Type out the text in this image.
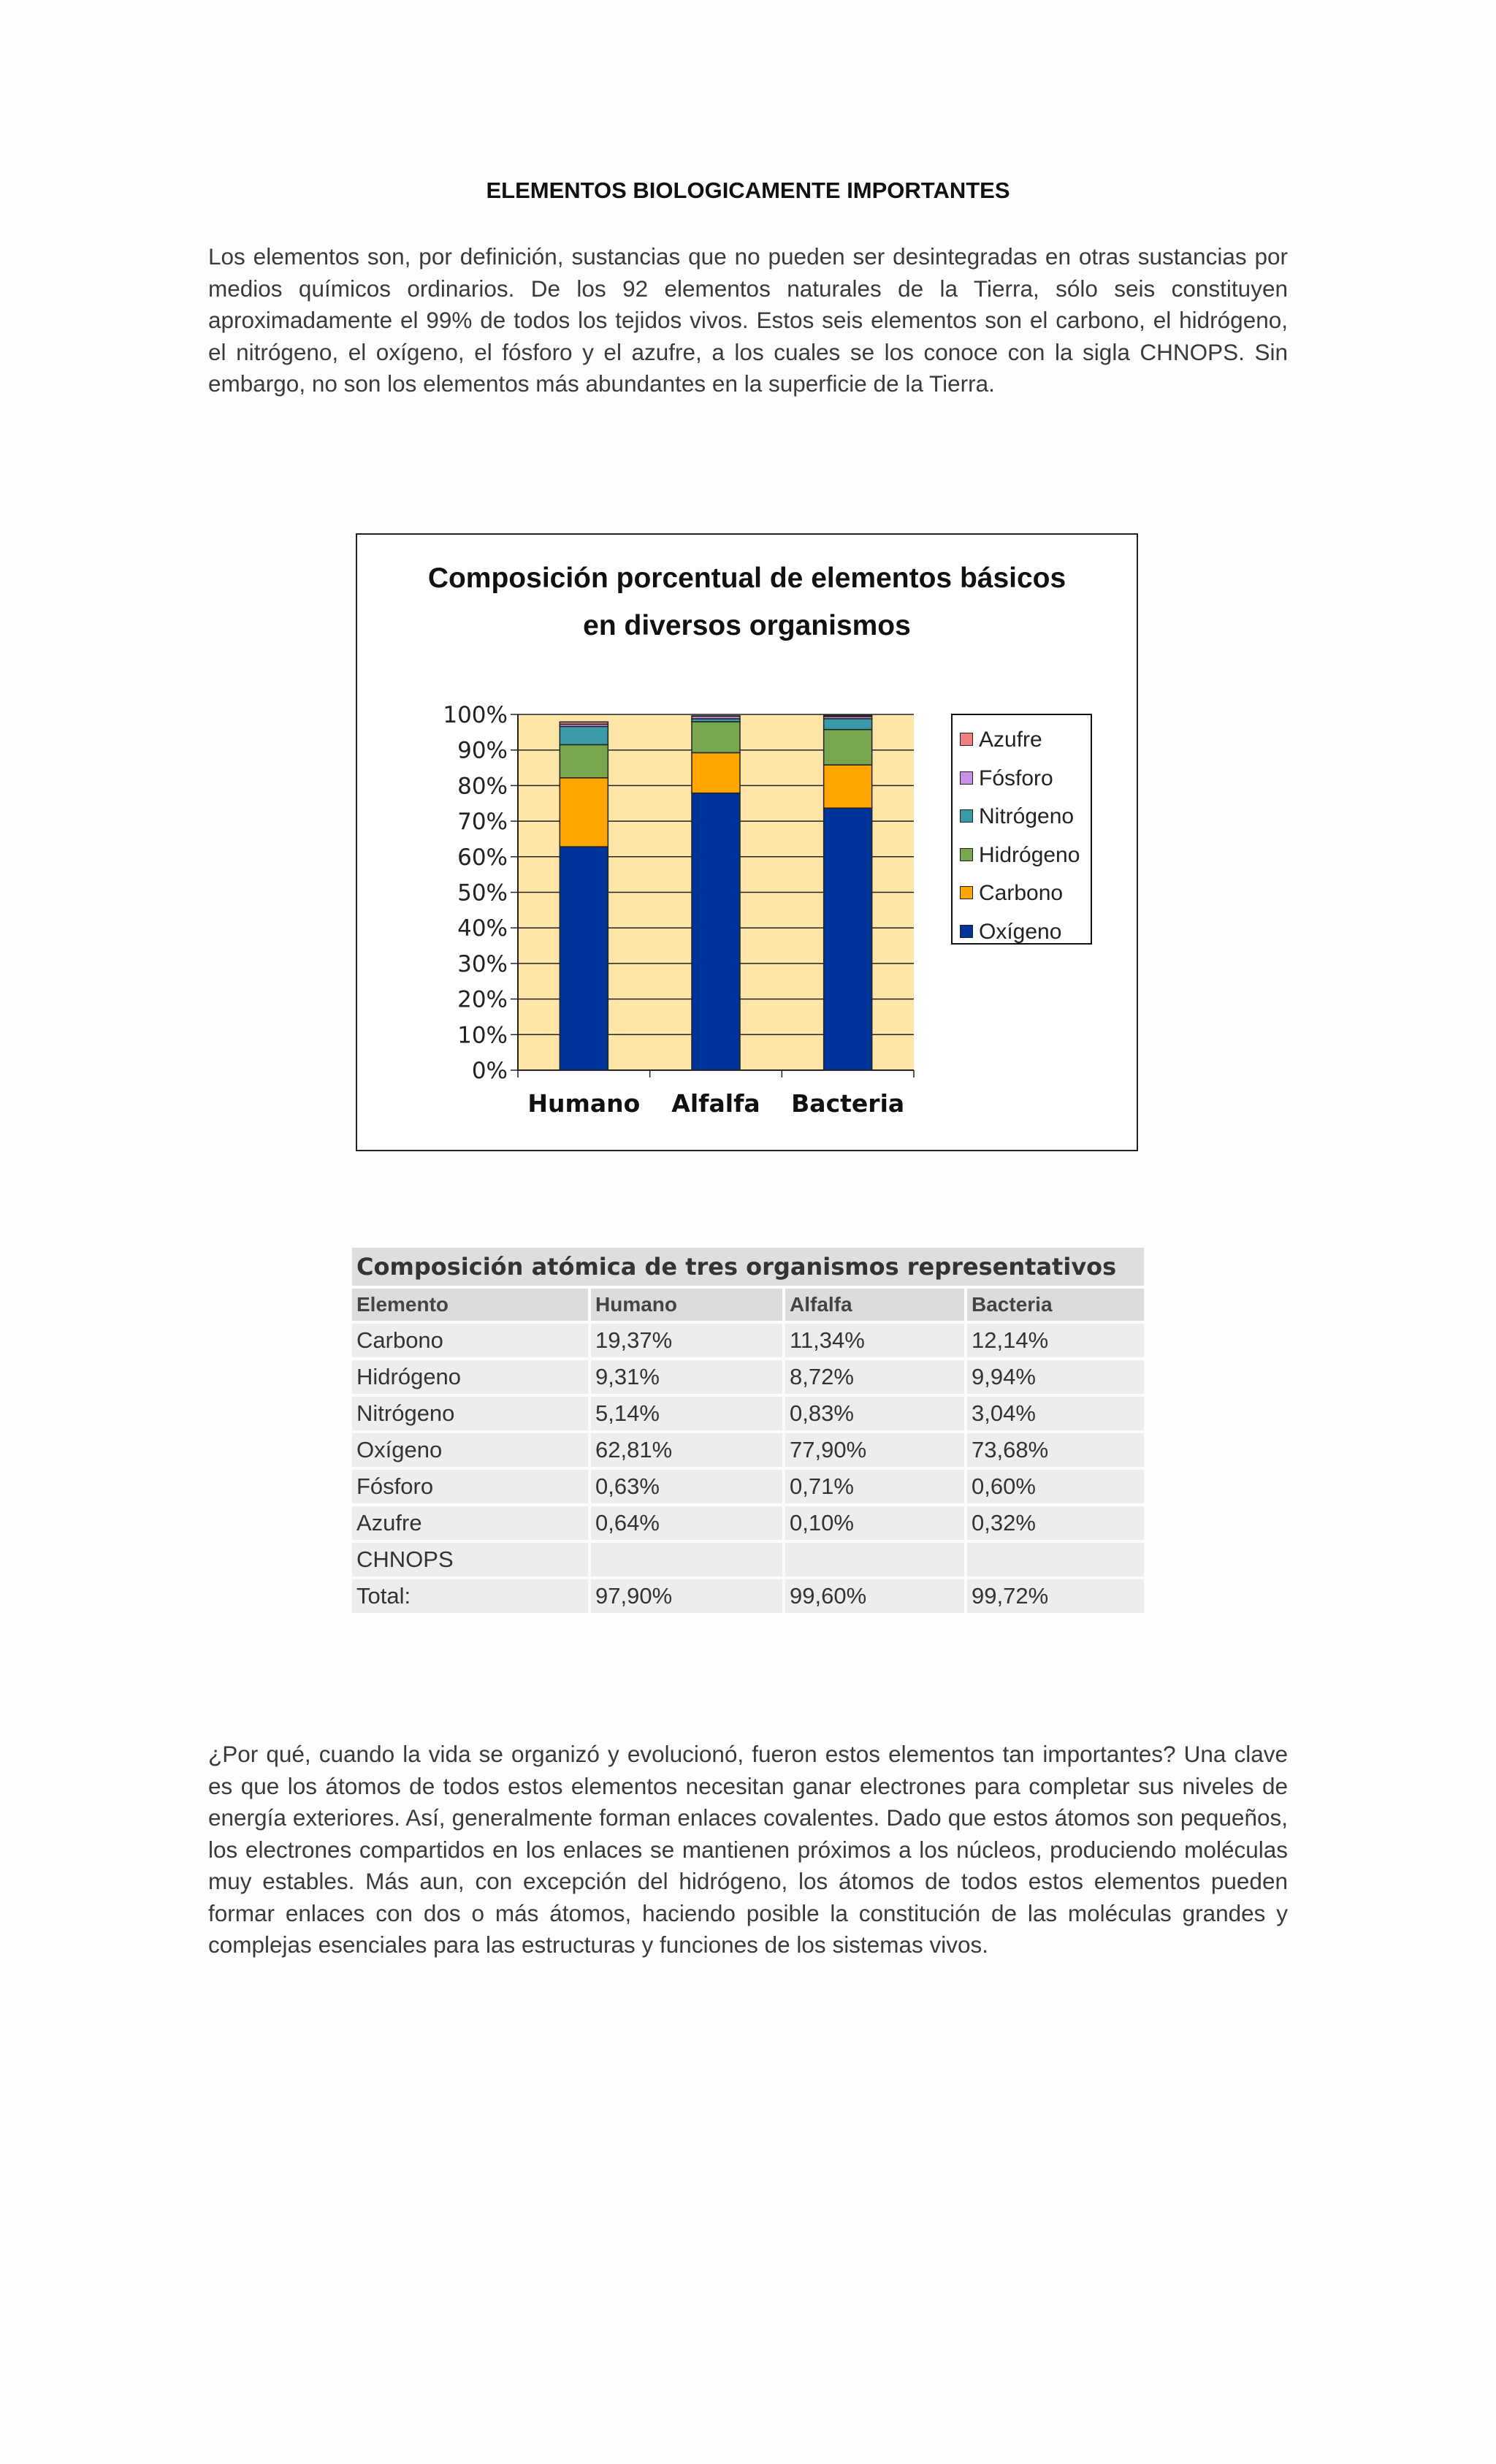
ELEMENTOS BIOLOGICAMENTE IMPORTANTES

Los elementos son, por definición, sustancias que no pueden ser desintegradas en otras sustancias por medios químicos ordinarios. De los 92 elementos naturales de la Tierra, sólo seis constituyen aproximadamente el 99% de todos los tejidos vivos. Estos seis elementos son el carbono, el hidrógeno, el nitrógeno, el oxígeno, el fósforo y el azufre, a los cuales se los conoce con la sigla CHNOPS. Sin embargo, no son los elementos más abundantes en la superficie de la Tierra.

Composición porcentual de elementos básicos
en diversos organismos
0%
10%
20%
30%
40%
50%
60%
70%
80%
90%
100%
Humano Alfalfa Bacteria
Azufre
Fósforo
Nitrógeno
Hidrógeno
Carbono
Oxígeno
Composición atómica de tres organismos representativos			
Elemento	Humano	Alfalfa	Bacteria
Carbono	19,37%	11,34%	12,14%
Hidrógeno	9,31%	8,72%	9,94%
Nitrógeno	5,14%	0,83%	3,04%
Oxígeno	62,81%	77,90%	73,68%
Fósforo	0,63%	0,71%	0,60%
Azufre	0,64%	0,10%	0,32%
CHNOPS			
Total:	97,90%	99,60%	99,72%

¿Por qué, cuando la vida se organizó y evolucionó, fueron estos elementos tan importantes? Una clave es que los átomos de todos estos elementos necesitan ganar electrones para completar sus niveles de energía exteriores. Así, generalmente forman enlaces covalentes. Dado que estos átomos son pequeños, los electrones compartidos en los enlaces se mantienen próximos a los núcleos, produciendo moléculas muy estables. Más aun, con excepción del hidrógeno, los átomos de todos estos elementos pueden formar enlaces con dos o más átomos, haciendo posible la constitución de las moléculas grandes y complejas esenciales para las estructuras y funciones de los sistemas vivos.
